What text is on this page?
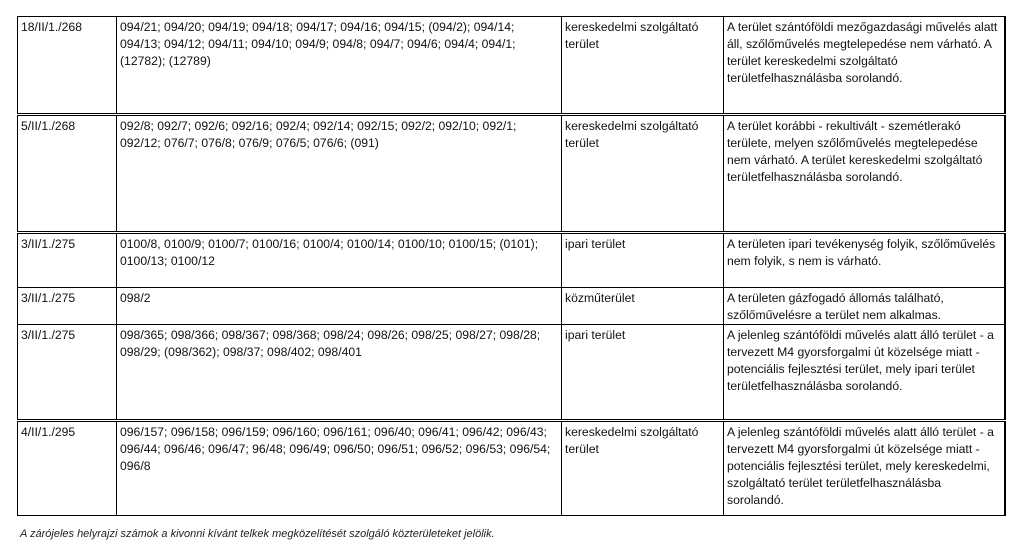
18/II/1./268	094/21; 094/20; 094/19; 094/18; 094/17; 094/16; 094/15; (094/2); 094/14; 094/13; 094/12; 094/11; 094/10; 094/9; 094/8; 094/7; 094/6; 094/4; 094/1; (12782); (12789)	kereskedelmi szolgáltató terület	A terület szántóföldi mezőgazdasági művelés alatt áll, szőlőművelés megtelepedése nem várható. A terület kereskedelmi szolgáltató területfelhasználásba sorolandó.
5/II/1./268	092/8; 092/7; 092/6; 092/16; 092/4; 092/14; 092/15; 092/2; 092/10; 092/1; 092/12; 076/7; 076/8; 076/9; 076/5; 076/6; (091)	kereskedelmi szolgáltató terület	A terület korábbi - rekultivált - szemétlerakó területe, melyen szőlőművelés megtelepedése nem várható. A terület kereskedelmi szolgáltató területfelhasználásba sorolandó.
3/II/1./275	0100/8, 0100/9; 0100/7; 0100/16; 0100/4; 0100/14; 0100/10; 0100/15; (0101); 0100/13; 0100/12	ipari terület	A területen ipari tevékenység folyik, szőlőművelés nem folyik, s nem is várható.
3/II/1./275	098/2	közműterület	A területen gázfogadó állomás található, szőlőművelésre a terület nem alkalmas.
3/II/1./275	098/365; 098/366; 098/367; 098/368; 098/24; 098/26; 098/25; 098/27; 098/28; 098/29; (098/362); 098/37; 098/402; 098/401	ipari terület	A jelenleg szántóföldi művelés alatt álló terület - a tervezett M4 gyorsforgalmi út közelsége miatt - potenciális fejlesztési terület, mely ipari terület területfelhasználásba sorolandó.
4/II/1./295	096/157; 096/158; 096/159; 096/160; 096/161; 096/40; 096/41; 096/42; 096/43; 096/44; 096/46; 096/47; 96/48; 096/49; 096/50; 096/51; 096/52; 096/53; 096/54; 096/8	kereskedelmi szolgáltató terület	A jelenleg szántóföldi művelés alatt álló terület - a tervezett M4 gyorsforgalmi út közelsége miatt - potenciális fejlesztési terület, mely kereskedelmi, szolgáltató terület területfelhasználásba sorolandó.
A zárójeles helyrajzi számok a kivonni kívánt telkek megközelítését szolgáló közterületeket jelölik.
